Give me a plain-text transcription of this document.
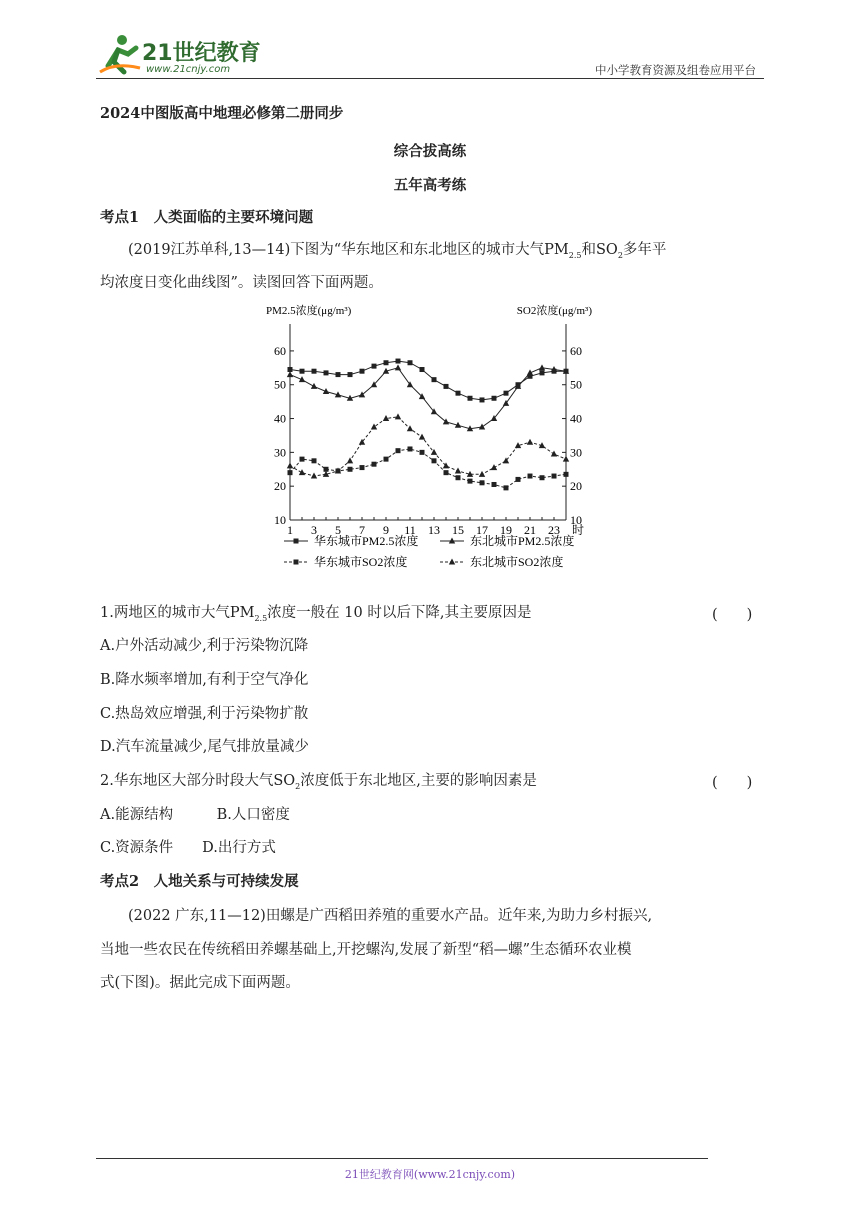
21世纪教育
www.21cnjy.com	中小学教育资源及组卷应用平台
2024中图版高中地理必修第二册同步
综合拔高练
五年高考练
考点1　人类面临的主要环境问题
(2019江苏单科,13—14)下图为“华东地区和东北地区的城市大气$PM_{2.5}$和$SO_2$多年平
均浓度日变化曲线图”。读图回答下面两题。
PM2.5浓度(μg/m³)	SO2浓度(μg/m³)
10	10
20	20
30	30
40	40
50	50
60	60
1 3 5 7 9 11 13 15 17 19 21 23 时
华东城市PM2.5浓度	东北城市PM2.5浓度
华东城市SO2浓度	东北城市SO2浓度
1.两地区的城市大气$PM_{2.5}$浓度一般在 10 时以后下降,其主要原因是	(　　)
A.户外活动减少,利于污染物沉降
B.降水频率增加,有利于空气净化
C.热岛效应增强,利于污染物扩散
D.汽车流量减少,尾气排放量减少
2.华东地区大部分时段大气$SO_2$浓度低于东北地区,主要的影响因素是	(　　)
A.能源结构　　　B.人口密度
C.资源条件　　D.出行方式
考点2　人地关系与可持续发展
(2022 广东,11—12)田螺是广西稻田养殖的重要水产品。近年来,为助力乡村振兴,
当地一些农民在传统稻田养螺基础上,开挖螺沟,发展了新型“稻—螺”生态循环农业模
式(下图)。据此完成下面两题。
21世纪教育网(www.21cnjy.com)
